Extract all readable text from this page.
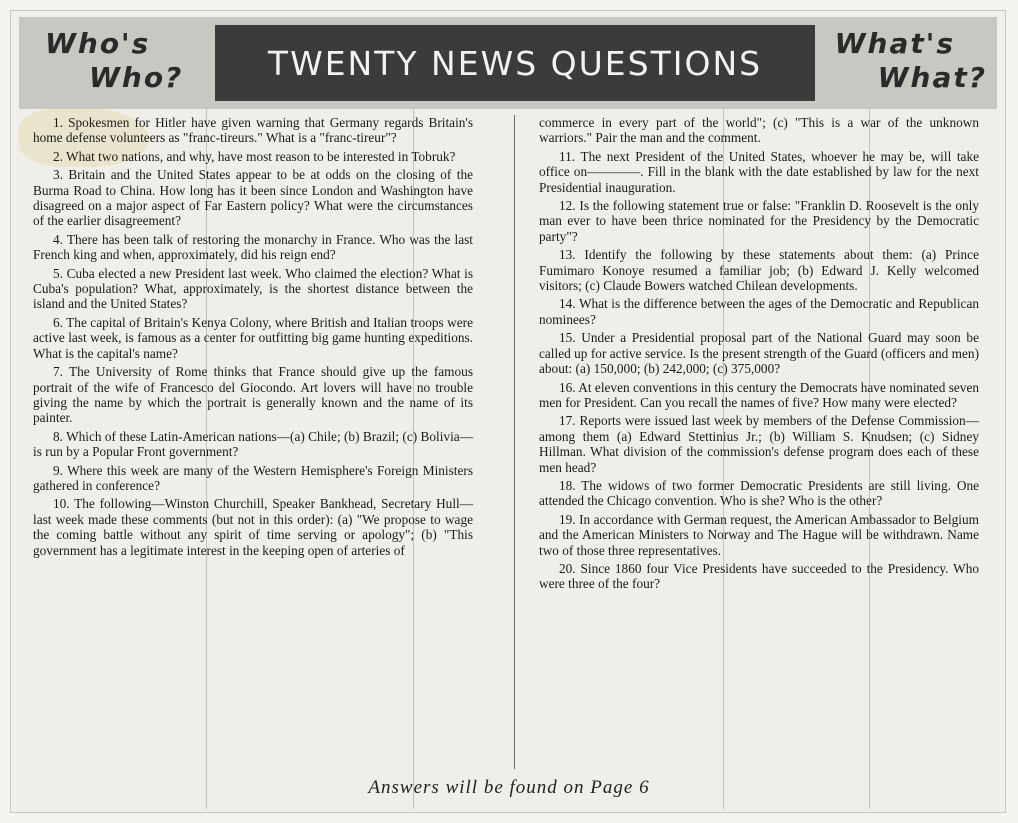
Who's
Who?	TWENTY NEWS QUESTIONS	What's
What?

1. Spokesmen for Hitler have given warning that Germany regards Britain's home defense volunteers as "franc-tireurs." What is a "franc-tireur"?

2. What two nations, and why, have most reason to be interested in Tobruk?

3. Britain and the United States appear to be at odds on the closing of the Burma Road to China. How long has it been since London and Washington have disagreed on a major aspect of Far Eastern policy? What were the circumstances of the earlier disagreement?

4. There has been talk of restoring the monarchy in France. Who was the last French king and when, approximately, did his reign end?

5. Cuba elected a new President last week. Who claimed the election? What is Cuba's population? What, approximately, is the shortest distance between the island and the United States?

6. The capital of Britain's Kenya Colony, where British and Italian troops were active last week, is famous as a center for outfitting big game hunting expeditions. What is the capital's name?

7. The University of Rome thinks that France should give up the famous portrait of the wife of Francesco del Giocondo. Art lovers will have no trouble giving the name by which the portrait is generally known and the name of its painter.

8. Which of these Latin-American nations—(a) Chile; (b) Brazil; (c) Bolivia—is run by a Popular Front government?

9. Where this week are many of the Western Hemisphere's Foreign Ministers gathered in conference?

10. The following—Winston Churchill, Speaker Bankhead, Secretary Hull—last week made these comments (but not in this order): (a) "We propose to wage the coming battle without any spirit of time serving or apology"; (b) "This government has a legitimate interest in the keeping open of arteries of

commerce in every part of the world"; (c) "This is a war of the unknown warriors." Pair the man and the comment.

11. The next President of the United States, whoever he may be, will take office on————. Fill in the blank with the date established by law for the next Presidential inauguration.

12. Is the following statement true or false: "Franklin D. Roosevelt is the only man ever to have been thrice nominated for the Presidency by the Democratic party"?

13. Identify the following by these statements about them: (a) Prince Fumimaro Konoye resumed a familiar job; (b) Edward J. Kelly welcomed visitors; (c) Claude Bowers watched Chilean developments.

14. What is the difference between the ages of the Democratic and Republican nominees?

15. Under a Presidential proposal part of the National Guard may soon be called up for active service. Is the present strength of the Guard (officers and men) about: (a) 150,000; (b) 242,000; (c) 375,000?

16. At eleven conventions in this century the Democrats have nominated seven men for President. Can you recall the names of five? How many were elected?

17. Reports were issued last week by members of the Defense Commission—among them (a) Edward Stettinius Jr.; (b) William S. Knudsen; (c) Sidney Hillman. What division of the commission's defense program does each of these men head?

18. The widows of two former Democratic Presidents are still living. One attended the Chicago convention. Who is she? Who is the other?

19. In accordance with German request, the American Ambassador to Belgium and the American Ministers to Norway and The Hague will be withdrawn. Name two of those three representatives.

20. Since 1860 four Vice Presidents have succeeded to the Presidency. Who were three of the four?

Answers will be found on Page 6
